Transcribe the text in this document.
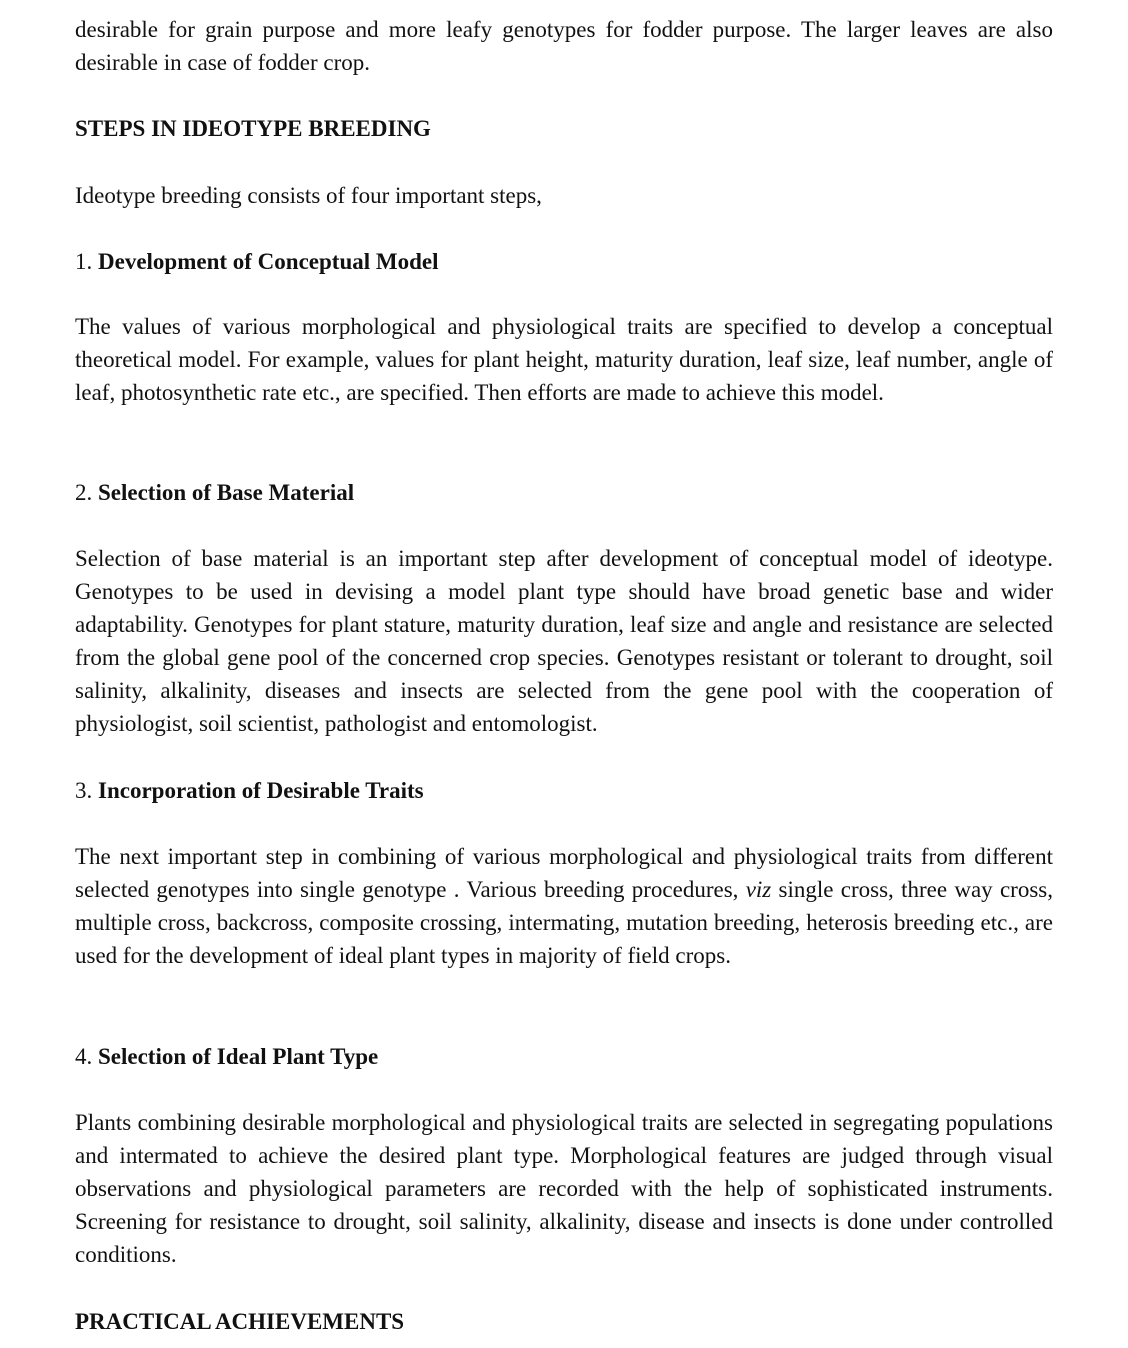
desirable for grain purpose and more leafy genotypes for fodder purpose. The larger leaves are also desirable in case of fodder crop.

STEPS IN IDEOTYPE BREEDING

Ideotype breeding consists of four important steps,

1. Development of Conceptual Model

The values of various morphological and physiological traits are specified to develop a conceptual theoretical model. For example, values for plant height, maturity duration, leaf size, leaf number, angle of leaf, photosynthetic rate etc., are specified. Then efforts are made to achieve this model.

2. Selection of Base Material

Selection of base material is an important step after development of conceptual model of ideotype. Genotypes to be used in devising a model plant type should have broad genetic base and wider adaptability. Genotypes for plant stature, maturity duration, leaf size and angle and resistance are selected from the global gene pool of the concerned crop species. Genotypes resistant or tolerant to drought, soil salinity, alkalinity, diseases and insects are selected from the gene pool with the cooperation of physiologist, soil scientist, pathologist and entomologist.

3. Incorporation of Desirable Traits

The next important step in combining of various morphological and physiological traits from different selected genotypes into single genotype . Various breeding procedures, viz single cross, three way cross, multiple cross, backcross, composite crossing, intermating, mutation breeding, heterosis breeding etc., are used for the development of ideal plant types in majority of field crops.

4. Selection of Ideal Plant Type

Plants combining desirable morphological and physiological traits are selected in segregating populations and intermated to achieve the desired plant type. Morphological features are judged through visual observations and physiological parameters are recorded with the help of sophisticated instruments. Screening for resistance to drought, soil salinity, alkalinity, disease and insects is done under controlled conditions.

PRACTICAL ACHIEVEMENTS
